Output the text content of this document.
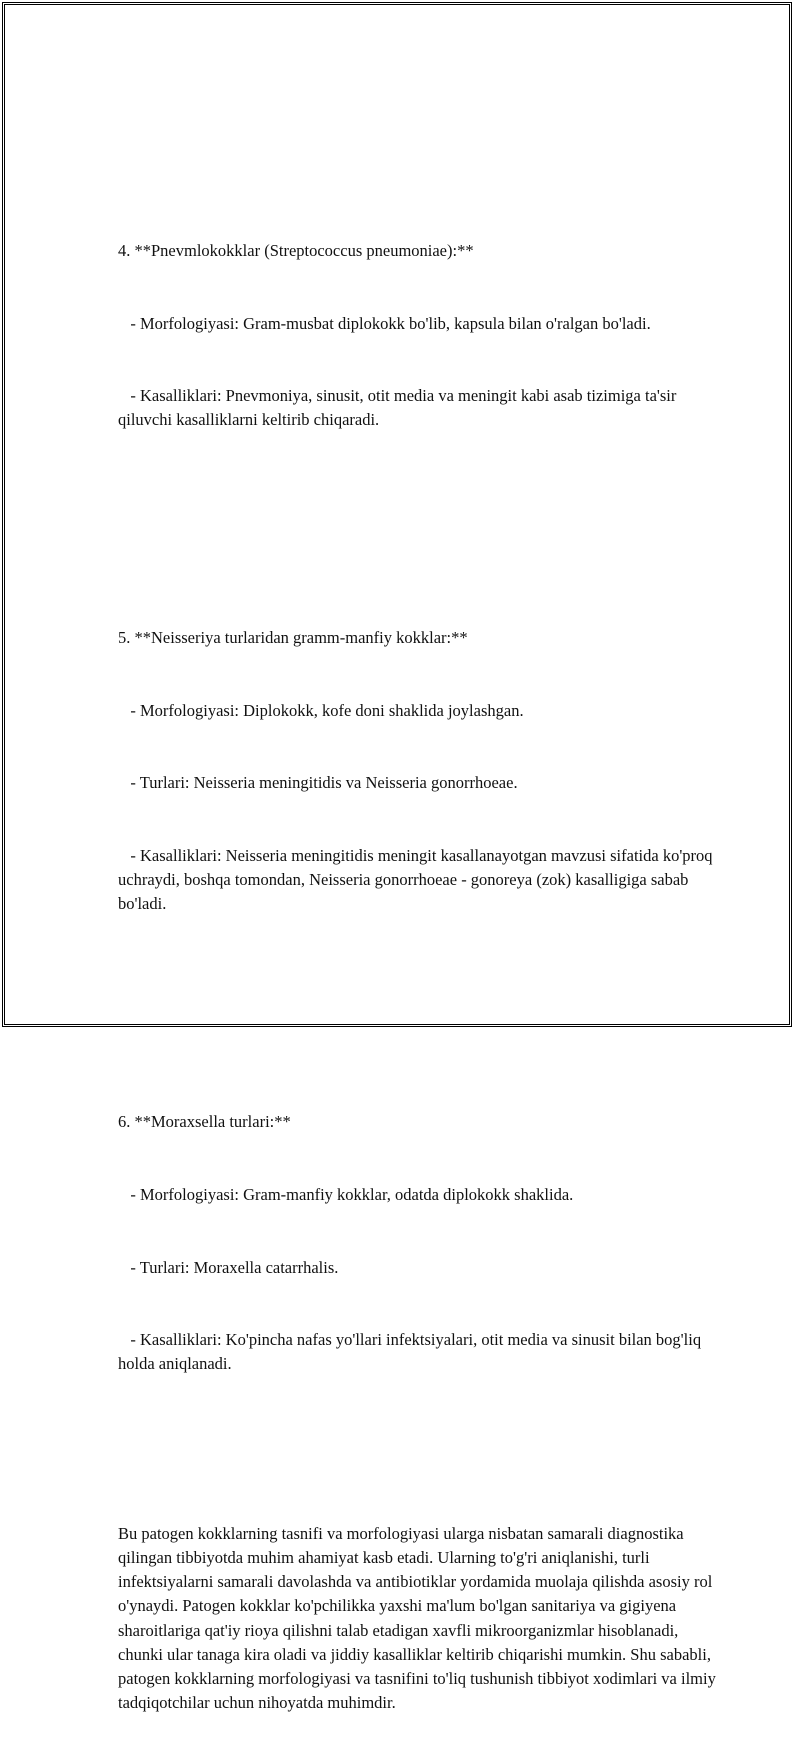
4. **Pnevmlokokklar (Streptococcus pneumoniae):**

- Morfologiyasi: Gram-musbat diplokokk bo'lib, kapsula bilan o'ralgan bo'ladi.

- Kasalliklari: Pnevmoniya, sinusit, otit media va meningit kabi asab tizimiga ta'sir qiluvchi kasalliklarni keltirib chiqaradi.

5. **Neisseriya turlaridan gramm-manfiy kokklar:**

- Morfologiyasi: Diplokokk, kofe doni shaklida joylashgan.

- Turlari: Neisseria meningitidis va Neisseria gonorrhoeae.

- Kasalliklari: Neisseria meningitidis meningit kasallanayotgan mavzusi sifatida ko'proq uchraydi, boshqa tomondan, Neisseria gonorrhoeae - gonoreya (zok) kasalligiga sabab bo'ladi.

6. **Moraxsella turlari:**

- Morfologiyasi: Gram-manfiy kokklar, odatda diplokokk shaklida.

- Turlari: Moraxella catarrhalis.

- Kasalliklari: Ko'pincha nafas yo'llari infektsiyalari, otit media va sinusit bilan bog'liq holda aniqlanadi.

Bu patogen kokklarning tasnifi va morfologiyasi ularga nisbatan samarali diagnostika qilingan tibbiyotda muhim ahamiyat kasb etadi. Ularning to'g'ri aniqlanishi, turli infektsiyalarni samarali davolashda va antibiotiklar yordamida muolaja qilishda asosiy rol o'ynaydi. Patogen kokklar ko'pchilikka yaxshi ma'lum bo'lgan sanitariya va gigiyena sharoitlariga qat'iy rioya qilishni talab etadigan xavfli mikroorganizmlar hisoblanadi, chunki ular tanaga kira oladi va jiddiy kasalliklar keltirib chiqarishi mumkin. Shu sababli, patogen kokklarning morfologiyasi va tasnifini to'liq tushunish tibbiyot xodimlari va ilmiy tadqiqotchilar uchun nihoyatda muhimdir.
